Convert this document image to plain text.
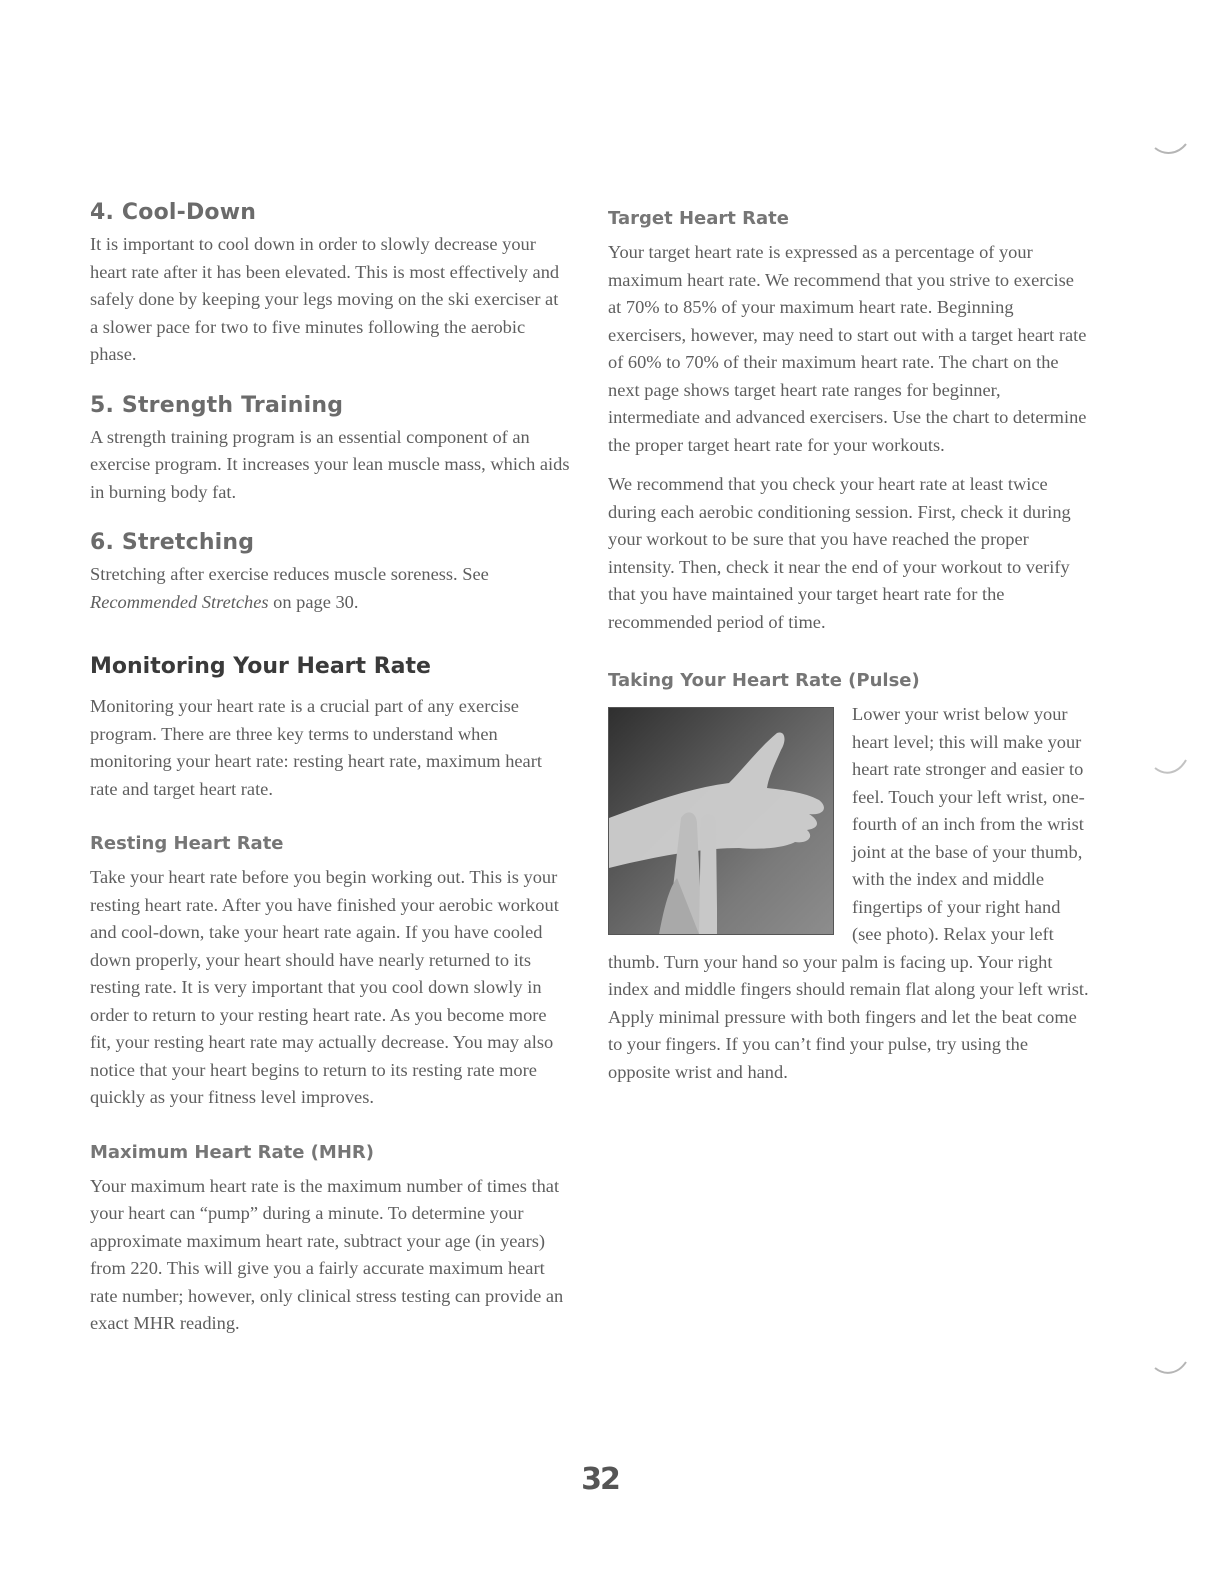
4. Cool-Down

It is important to cool down in order to slowly decrease your heart rate after it has been elevated. This is most effectively and safely done by keeping your legs moving on the ski exerciser at a slower pace for two to five minutes following the aerobic phase.

5. Strength Training

A strength training program is an essential component of an exercise program. It increases your lean muscle mass, which aids in burning body fat.

6. Stretching

Stretching after exercise reduces muscle soreness. See Recommended Stretches on page 30.

Monitoring Your Heart Rate

Monitoring your heart rate is a crucial part of any exercise program. There are three key terms to understand when monitoring your heart rate: resting heart rate, maximum heart rate and target heart rate.

Resting Heart Rate

Take your heart rate before you begin working out. This is your resting heart rate. After you have finished your aerobic workout and cool-down, take your heart rate again. If you have cooled down properly, your heart should have nearly returned to its resting rate. It is very important that you cool down slowly in order to return to your resting heart rate. As you become more fit, your resting heart rate may actually decrease. You may also notice that your heart begins to return to its resting rate more quickly as your fitness level improves.

Maximum Heart Rate (MHR)

Your maximum heart rate is the maximum number of times that your heart can “pump” during a minute. To determine your approximate maximum heart rate, subtract your age (in years) from 220. This will give you a fairly accurate maximum heart rate number; however, only clinical stress testing can provide an exact MHR reading.

Target Heart Rate

Your target heart rate is expressed as a percentage of your maximum heart rate. We recommend that you strive to exercise at 70% to 85% of your maximum heart rate. Beginning exercisers, however, may need to start out with a target heart rate of 60% to 70% of their maximum heart rate. The chart on the next page shows target heart rate ranges for beginner, intermediate and advanced exercisers. Use the chart to determine the proper target heart rate for your workouts.

We recommend that you check your heart rate at least twice during each aerobic conditioning session. First, check it during your workout to be sure that you have reached the proper intensity. Then, check it near the end of your workout to verify that you have maintained your target heart rate for the recommended period of time.

Taking Your Heart Rate (Pulse)

Lower your wrist below your heart level; this will make your heart rate stronger and easier to feel. Touch your left wrist, one-fourth of an inch from the wrist joint at the base of your thumb, with the index and middle fingertips of your right hand (see photo). Relax your left thumb. Turn your hand so your palm is facing up. Your right index and middle fingers should remain flat along your left wrist. Apply minimal pressure with both fingers and let the beat come to your fingers. If you can’t find your pulse, try using the opposite wrist and hand.

32
